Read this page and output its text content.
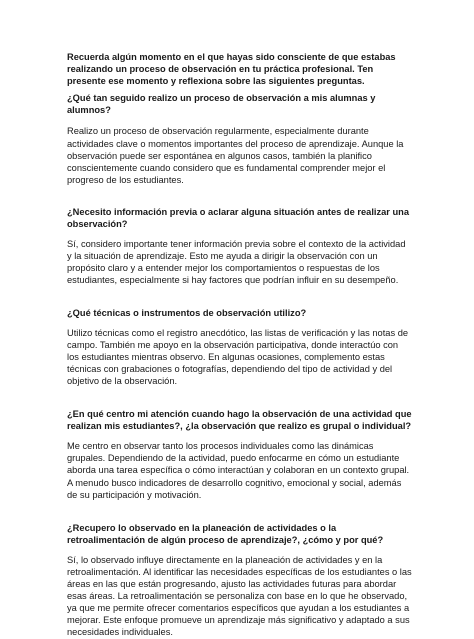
Recuerda algún momento en el que hayas sido consciente de que estabas realizando un proceso de observación en tu práctica profesional. Ten presente ese momento y reflexiona sobre las siguientes preguntas.

¿Qué tan seguido realizo un proceso de observación a mis alumnas y alumnos?

Realizo un proceso de observación regularmente, especialmente durante actividades clave o momentos importantes del proceso de aprendizaje. Aunque la observación puede ser espontánea en algunos casos, también la planifico conscientemente cuando considero que es fundamental comprender mejor el progreso de los estudiantes.

¿Necesito información previa o aclarar alguna situación antes de realizar una observación?

Sí, considero importante tener información previa sobre el contexto de la actividad y la situación de aprendizaje. Esto me ayuda a dirigir la observación con un propósito claro y a entender mejor los comportamientos o respuestas de los estudiantes, especialmente si hay factores que podrían influir en su desempeño.

¿Qué técnicas o instrumentos de observación utilizo?

Utilizo técnicas como el registro anecdótico, las listas de verificación y las notas de campo. También me apoyo en la observación participativa, donde interactúo con los estudiantes mientras observo. En algunas ocasiones, complemento estas técnicas con grabaciones o fotografías, dependiendo del tipo de actividad y del objetivo de la observación.

¿En qué centro mi atención cuando hago la observación de una actividad que realizan mis estudiantes?, ¿la observación que realizo es grupal o individual?

Me centro en observar tanto los procesos individuales como las dinámicas grupales. Dependiendo de la actividad, puedo enfocarme en cómo un estudiante aborda una tarea específica o cómo interactúan y colaboran en un contexto grupal. A menudo busco indicadores de desarrollo cognitivo, emocional y social, además de su participación y motivación.

¿Recupero lo observado en la planeación de actividades o la retroalimentación de algún proceso de aprendizaje?, ¿cómo y por qué?

Sí, lo observado influye directamente en la planeación de actividades y en la retroalimentación. Al identificar las necesidades específicas de los estudiantes o las áreas en las que están progresando, ajusto las actividades futuras para abordar esas áreas. La retroalimentación se personaliza con base en lo que he observado, ya que me permite ofrecer comentarios específicos que ayudan a los estudiantes a mejorar. Este enfoque promueve un aprendizaje más significativo y adaptado a sus necesidades individuales.
